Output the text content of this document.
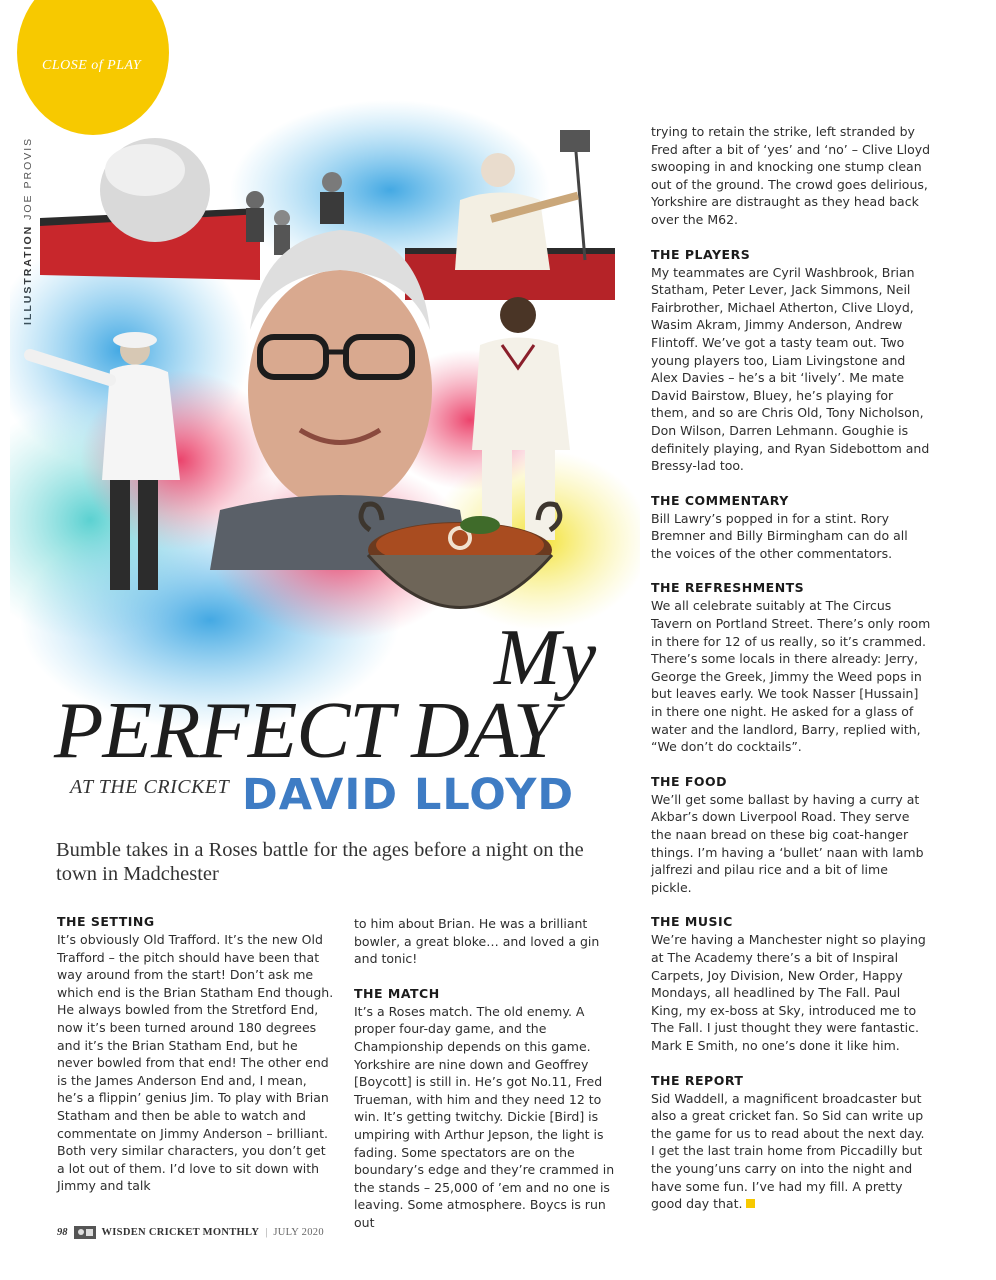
CLOSE of PLAY
JOE PROVIS
My
PERFECT DAY
AT THE CRICKET DAVID LLOYD
Bumble takes in a Roses battle for the ages before a night on the town in Madchester
THE SETTING

It’s obviously Old Trafford. It’s the new Old Trafford – the pitch should have been that way around from the start! Don’t ask me which end is the Brian Statham End though. He always bowled from the Stretford End, now it’s been turned around 180 degrees and it’s the Brian Statham End, but he never bowled from that end! The other end is the James Anderson End and, I mean, he’s a flippin’ genius Jim. To play with Brian Statham and then be able to watch and commentate on Jimmy Anderson – brilliant. Both very similar characters, you don’t get a lot out of them. I’d love to sit down with Jimmy and talk

to him about Brian. He was a brilliant bowler, a great bloke… and loved a gin and tonic!

THE MATCH

It’s a Roses match. The old enemy. A proper four-day game, and the Championship depends on this game. Yorkshire are nine down and Geoffrey [Boycott] is still in. He’s got No.11, Fred Trueman, with him and they need 12 to win. It’s getting twitchy. Dickie [Bird] is umpiring with Arthur Jepson, the light is fading. Some spectators are on the boundary’s edge and they’re crammed in the stands – 25,000 of ’em and no one is leaving. Some atmosphere. Boycs is run out

trying to retain the strike, left stranded by Fred after a bit of ‘yes’ and ‘no’ – Clive Lloyd swooping in and knocking one stump clean out of the ground. The crowd goes delirious, Yorkshire are distraught as they head back over the M62.

THE PLAYERS

My teammates are Cyril Washbrook, Brian Statham, Peter Lever, Jack Simmons, Neil Fairbrother, Michael Atherton, Clive Lloyd, Wasim Akram, Jimmy Anderson, Andrew Flintoff. We’ve got a tasty team out. Two young players too, Liam Livingstone and Alex Davies – he’s a bit ‘lively’. Me mate David Bairstow, Bluey, he’s playing for them, and so are Chris Old, Tony Nicholson, Don Wilson, Darren Lehmann. Goughie is definitely playing, and Ryan Sidebottom and Bressy-lad too.

THE COMMENTARY

Bill Lawry’s popped in for a stint. Rory Bremner and Billy Birmingham can do all the voices of the other commentators.

THE REFRESHMENTS

We all celebrate suitably at The Circus Tavern on Portland Street. There’s only room in there for 12 of us really, so it’s crammed. There’s some locals in there already: Jerry, George the Greek, Jimmy the Weed pops in but leaves early. We took Nasser [Hussain] in there one night. He asked for a glass of water and the landlord, Barry, replied with, “We don’t do cocktails”.

THE FOOD

We’ll get some ballast by having a curry at Akbar’s down Liverpool Road. They serve the naan bread on these big coat-hanger things. I’m having a ‘bullet’ naan with lamb jalfrezi and pilau rice and a bit of lime pickle.

THE MUSIC

We’re having a Manchester night so playing at The Academy there’s a bit of Inspiral Carpets, Joy Division, New Order, Happy Mondays, all headlined by The Fall. Paul King, my ex-boss at Sky, introduced me to The Fall. I just thought they were fantastic. Mark E Smith, no one’s done it like him.

THE REPORT

Sid Waddell, a magnificent broadcaster but also a great cricket fan. So Sid can write up the game for us to read about the next day. I get the last train home from Piccadilly but the young’uns carry on into the night and have some fun. I’ve had my fill. A pretty good day that.

98	WISDEN CRICKET MONTHLY | JULY 2020
